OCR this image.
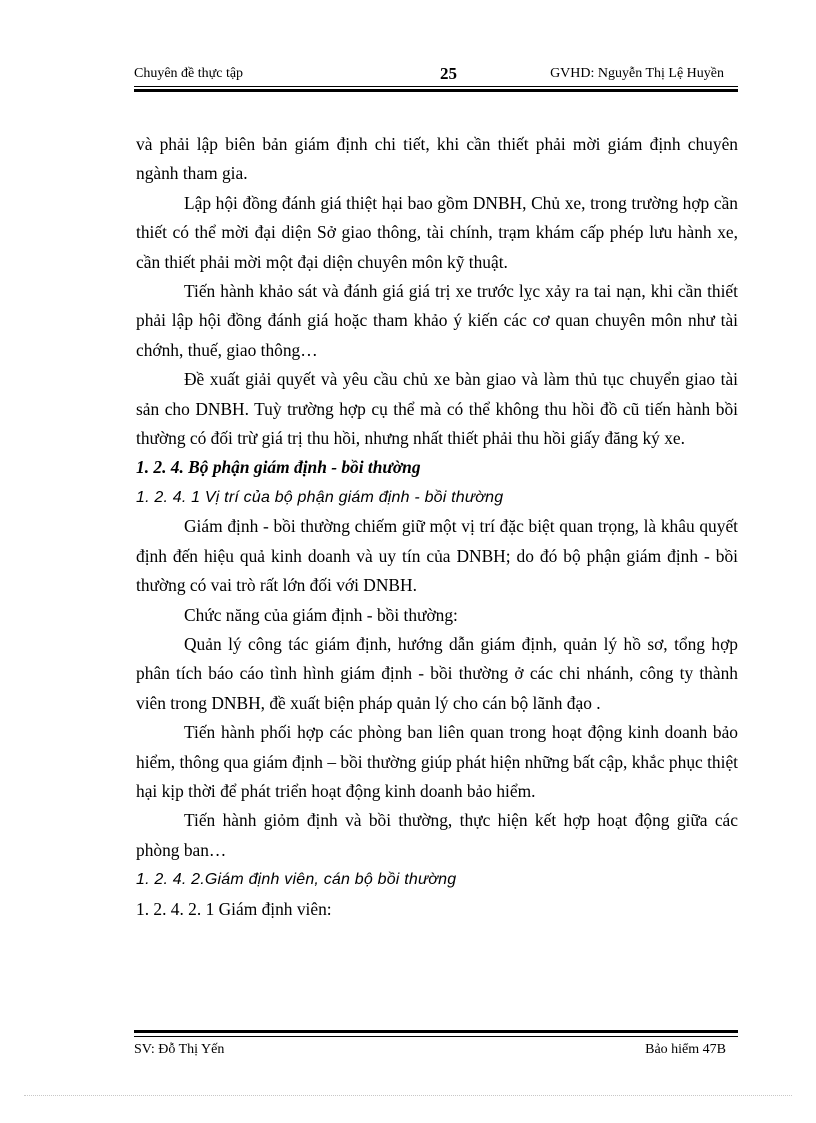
Chuyên đề thực tập	25	GVHD: Nguyễn Thị Lệ Huyền

và phải lập biên bản giám định chi tiết, khi cần thiết phải mời giám định chuyên ngành tham gia.

Lập hội đồng đánh giá thiệt hại bao gồm DNBH, Chủ xe, trong trường hợp cần thiết có thể mời đại diện Sở giao thông, tài chính, trạm khám cấp phép lưu hành xe, cần thiết phải mời một đại diện chuyên môn kỹ thuật.

Tiến hành khảo sát và đánh giá giá trị xe trước lỵc xảy ra tai nạn, khi cần thiết phải lập hội đồng đánh giá hoặc tham khảo ý kiến các cơ quan chuyên môn như tài chớnh, thuế, giao thông…

Đề xuất giải quyết và yêu cầu chủ xe bàn giao và làm thủ tục chuyển giao tài sản cho DNBH. Tuỳ trường hợp cụ thể mà có thể không thu hồi đồ cũ tiến hành bồi thường có đối trừ giá trị thu hồi, nhưng nhất thiết phải thu hồi giấy đăng ký xe.

1. 2. 4. Bộ phận giám định - bồi thường

1. 2. 4. 1 Vị trí của bộ phận giám định - bồi thường

Giám định - bồi thường chiếm giữ một vị trí đặc biệt quan trọng, là khâu quyết định đến hiệu quả kinh doanh và uy tín của DNBH; do đó bộ phận giám định - bồi thường có vai trò rất lớn đối với DNBH.

Chức năng của giám định - bồi thường:

Quản lý công tác giám định, hướng dẫn giám định, quản lý hồ sơ, tổng hợp phân tích báo cáo tình hình giám định - bồi thường ở các chi nhánh, công ty thành viên trong DNBH, đề xuất biện pháp quản lý cho cán bộ lãnh đạo .

Tiến hành phối hợp các phòng ban liên quan trong hoạt động kinh doanh bảo hiểm, thông qua giám định – bồi thường giúp phát hiện những bất cập, khắc phục thiệt hại kịp thời để phát triển hoạt động kinh doanh bảo hiểm.

Tiến hành giỏm định và bồi thường, thực hiện kết hợp hoạt động giữa các phòng ban…

1. 2. 4. 2.Giám định viên, cán bộ bồi thường

1. 2. 4. 2. 1 Giám định viên:

SV: Đỗ Thị Yến	Bảo hiểm 47B
